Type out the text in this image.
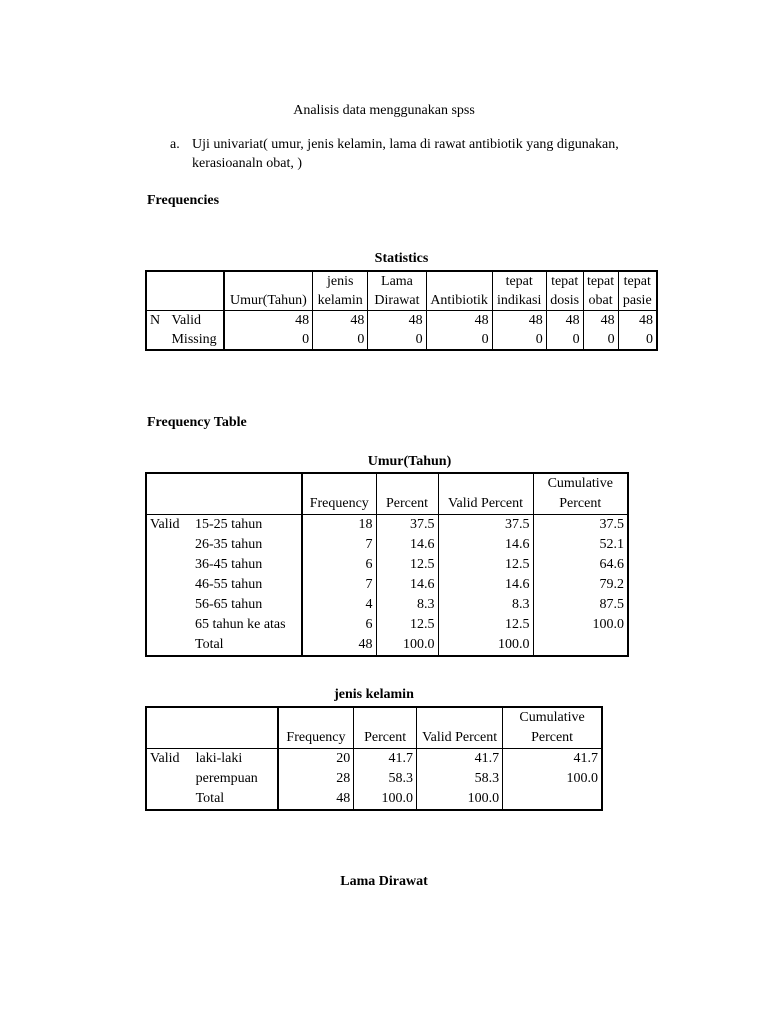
Analisis data menggunakan spss
a. Uji univariat( umur, jenis kelamin, lama di rawat antibiotik yang digunakan, kerasioanaln obat, )
Frequencies
Statistics
		Umur(Tahun)	jenis kelamin	Lama Dirawat	Antibiotik	tepat indikasi	tepat dosis	tepat obat	tepat pasie
N	Valid	48	48	48	48	48	48	48	48
	Missing	0	0	0	0	0	0	0	0
Frequency Table
Umur(Tahun)
		Frequency	Percent	Valid Percent	Cumulative Percent
Valid	15-25 tahun	18	37.5	37.5	37.5
	26-35 tahun	7	14.6	14.6	52.1
	36-45 tahun	6	12.5	12.5	64.6
	46-55 tahun	7	14.6	14.6	79.2
	56-65 tahun	4	8.3	8.3	87.5
	65 tahun ke atas	6	12.5	12.5	100.0
	Total	48	100.0	100.0	
jenis kelamin
		Frequency	Percent	Valid Percent	Cumulative Percent
Valid	laki-laki	20	41.7	41.7	41.7
	perempuan	28	58.3	58.3	100.0
	Total	48	100.0	100.0	
Lama Dirawat
